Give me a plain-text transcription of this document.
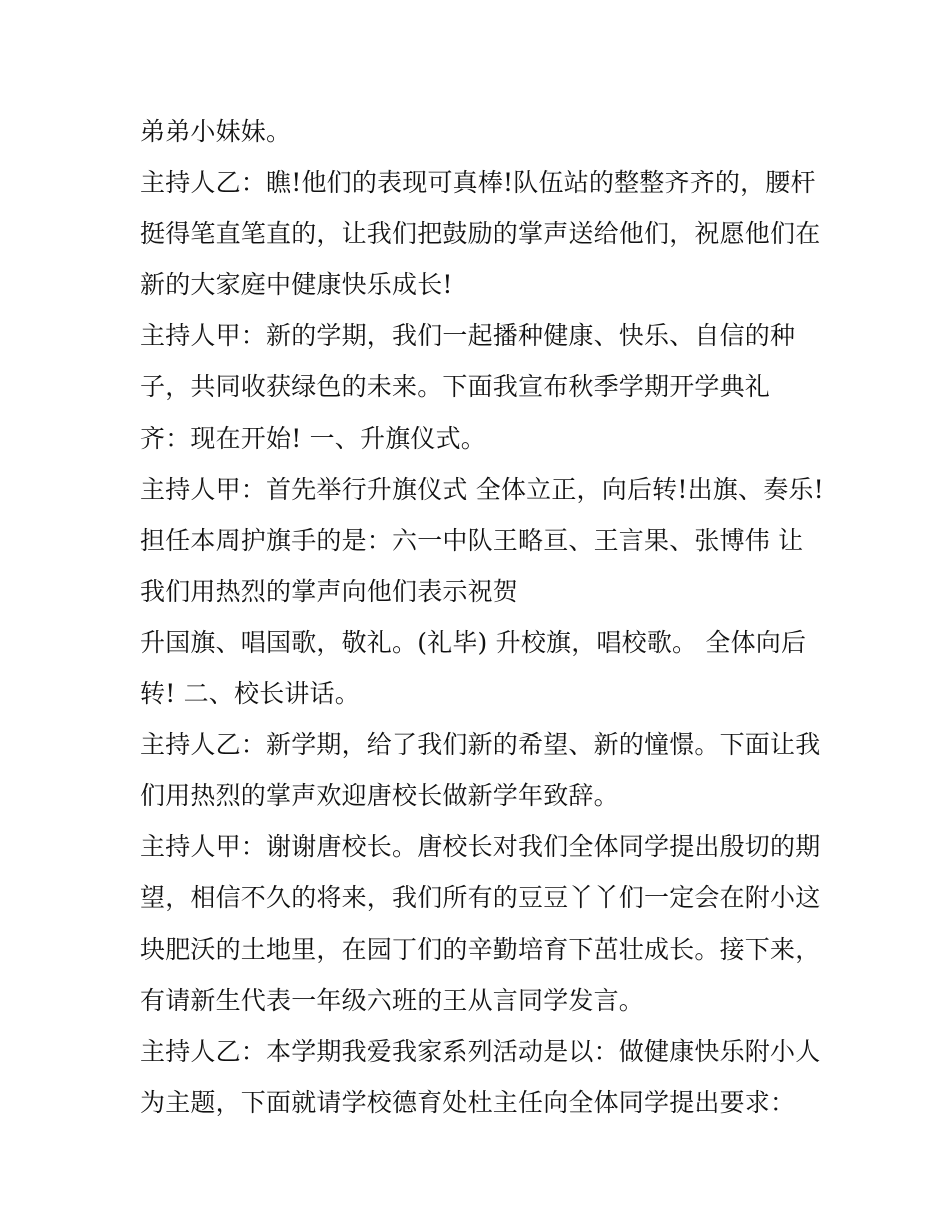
弟弟小妹妹。
主持人乙：瞧!他们的表现可真棒!队伍站的整整齐齐的，腰杆
挺得笔直笔直的，让我们把鼓励的掌声送给他们，祝愿他们在
新的大家庭中健康快乐成长!
主持人甲：新的学期，我们一起播种健康、快乐、自信的种
子，共同收获绿色的未来。下面我宣布秋季学期开学典礼
齐：现在开始! 一、升旗仪式。
主持人甲：首先举行升旗仪式 全体立正，向后转!出旗、奏乐!
担任本周护旗手的是：六一中队王略亘、王言果、张博伟 让
我们用热烈的掌声向他们表示祝贺
升国旗、唱国歌，敬礼。(礼毕) 升校旗，唱校歌。 全体向后
转! 二、校长讲话。
主持人乙：新学期，给了我们新的希望、新的憧憬。下面让我
们用热烈的掌声欢迎唐校长做新学年致辞。
主持人甲：谢谢唐校长。唐校长对我们全体同学提出殷切的期
望，相信不久的将来，我们所有的豆豆丫丫们一定会在附小这
块肥沃的土地里，在园丁们的辛勤培育下茁壮成长。接下来，
有请新生代表一年级六班的王从言同学发言。
主持人乙：本学期我爱我家系列活动是以：做健康快乐附小人
为主题，下面就请学校德育处杜主任向全体同学提出要求：
